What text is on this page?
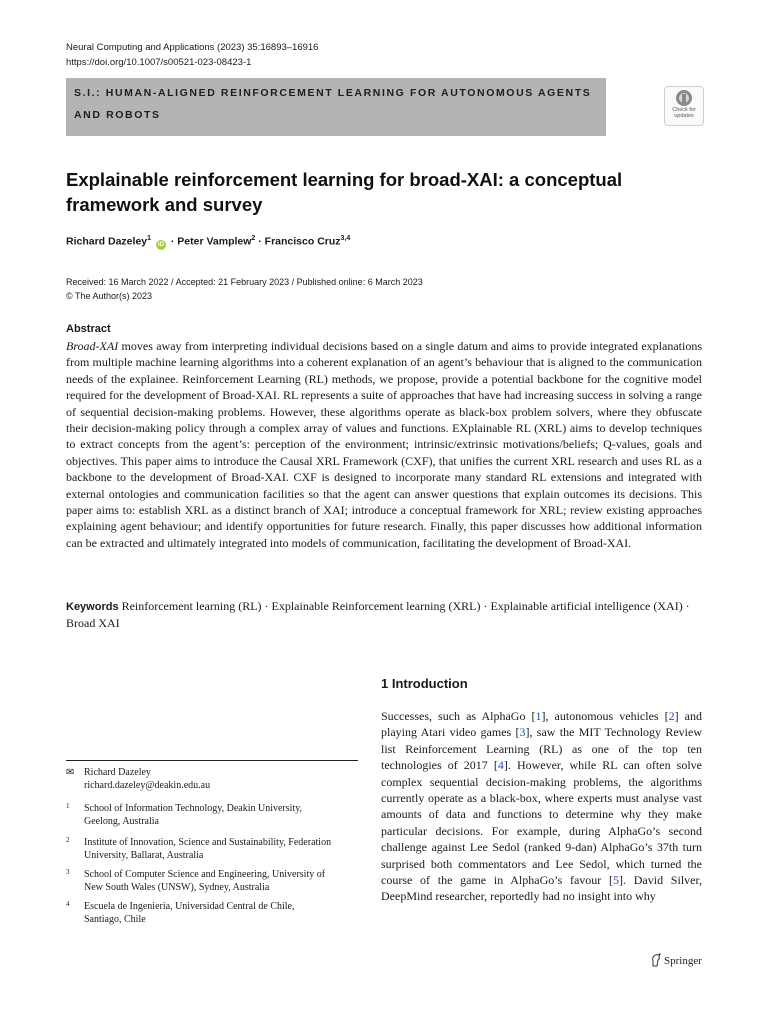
Neural Computing and Applications (2023) 35:16893–16916
https://doi.org/10.1007/s00521-023-08423-1
S.I.: HUMAN-ALIGNED REINFORCEMENT LEARNING FOR AUTONOMOUS AGENTS
AND ROBOTS	Check for
updates
Explainable reinforcement learning for broad-XAI: a conceptual
framework and survey
Richard Dazeley$^1$ iD · Peter Vamplew$^2$ · Francisco Cruz$^{3,4}$
Received: 16 March 2022 / Accepted: 21 February 2023 / Published online: 6 March 2023
© The Author(s) 2023
Abstract

Broad-XAI moves away from interpreting individual decisions based on a single datum and aims to provide integrated explanations from multiple machine learning algorithms into a coherent explanation of an agent’s behaviour that is aligned to the communication needs of the explainee. Reinforcement Learning (RL) methods, we propose, provide a potential backbone for the cognitive model required for the development of Broad-XAI. RL represents a suite of approaches that have had increasing success in solving a range of sequential decision-making problems. However, these algorithms operate as black-box problem solvers, where they obfuscate their decision-making policy through a complex array of values and functions. EXplainable RL (XRL) aims to develop techniques to extract concepts from the agent’s: perception of the environment; intrinsic/extrinsic motivations/beliefs; Q-values, goals and objectives. This paper aims to introduce the Causal XRL Framework (CXF), that unifies the current XRL research and uses RL as a backbone to the development of Broad-XAI. CXF is designed to incorporate many standard RL extensions and integrated with external ontologies and communication facilities so that the agent can answer questions that explain outcomes its decisions. This paper aims to: establish XRL as a distinct branch of XAI; introduce a conceptual framework for XRL; review existing approaches explaining agent behaviour; and identify opportunities for future research. Finally, this paper discusses how additional information can be extracted and ultimately integrated into models of communication, facilitating the development of Broad-XAI.

Keywords Reinforcement learning (RL) · Explainable Reinforcement learning (XRL) · Explainable artificial intelligence (XAI) · Broad XAI

1 Introduction

Successes, such as AlphaGo [1], autonomous vehicles [2] and playing Atari video games [3], saw the MIT Technology Review list Reinforcement Learning (RL) as one of the top ten technologies of 2017 [4]. However, while RL can often solve complex sequential decision-making problems, the algorithms currently operate as a black-box, where experts must analyse vast amounts of data and functions to determine why they make particular decisions. For example, during AlphaGo’s second challenge against Lee Sedol (ranked 9-dan) AlphaGo’s 37th turn surprised both commentators and Lee Sedol, which turned the course of the game in AlphaGo’s favour [5]. David Silver, DeepMind researcher, reportedly had no insight into why

✉ Richard Dazeley
richard.dazeley@deakin.edu.au
1 School of Information Technology, Deakin University,
Geelong, Australia
2 Institute of Innovation, Science and Sustainability, Federation
University, Ballarat, Australia
3 School of Computer Science and Engineering, University of
New South Wales (UNSW), Sydney, Australia
4 Escuela de Ingeniería, Universidad Central de Chile,
Santiago, Chile
Springer
